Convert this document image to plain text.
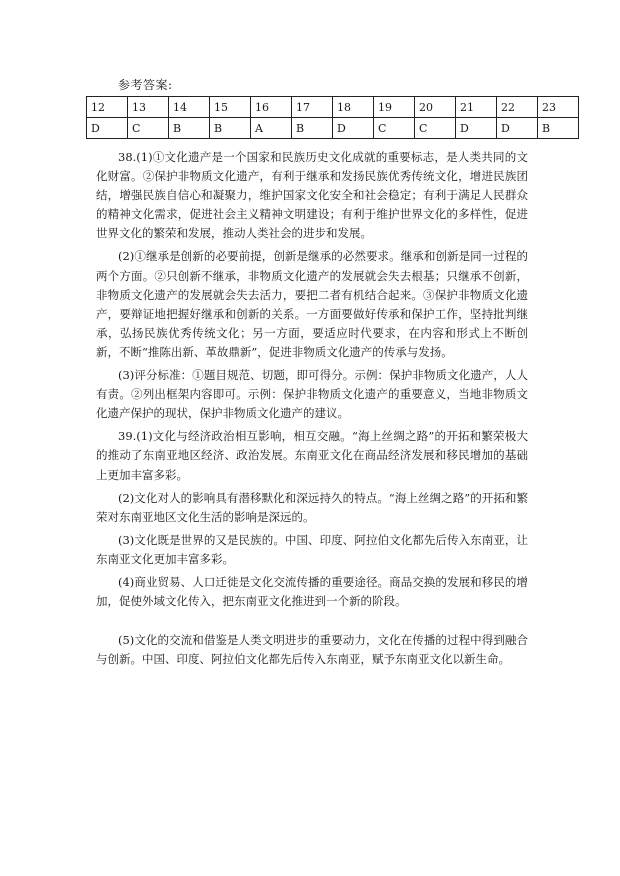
参考答案:
12	13	14	15	16	17	18	19	20	21	22	23
D	C	B	B	A	B	D	C	C	D	D	B

38.(1)①文化遗产是一个国家和民族历史文化成就的重要标志，是人类共同的文化财富。②保护非物质文化遗产，有利于继承和发扬民族优秀传统文化，增进民族团结，增强民族自信心和凝聚力，维护国家文化安全和社会稳定；有利于满足人民群众的精神文化需求，促进社会主义精神文明建设；有利于维护世界文化的多样性，促进世界文化的繁荣和发展，推动人类社会的进步和发展。

(2)①继承是创新的必要前提，创新是继承的必然要求。继承和创新是同一过程的两个方面。②只创新不继承，非物质文化遗产的发展就会失去根基；只继承不创新，非物质文化遗产的发展就会失去活力，要把二者有机结合起来。③保护非物质文化遗产，要辩证地把握好继承和创新的关系。一方面要做好传承和保护工作，坚持批判继承，弘扬民族优秀传统文化；另一方面，要适应时代要求，在内容和形式上不断创新，不断“推陈出新、革故鼎新”，促进非物质文化遗产的传承与发扬。

(3)评分标准：①题目规范、切题，即可得分。示例：保护非物质文化遗产，人人有责。②列出框架内容即可。示例：保护非物质文化遗产的重要意义，当地非物质文化遗产保护的现状，保护非物质文化遗产的建议。

39.(1)文化与经济政治相互影响，相互交融。“海上丝绸之路”的开拓和繁荣极大的推动了东南亚地区经济、政治发展。东南亚文化在商品经济发展和移民增加的基础上更加丰富多彩。

(2)文化对人的影响具有潜移默化和深远持久的特点。“海上丝绸之路”的开拓和繁荣对东南亚地区文化生活的影响是深远的。

(3)文化既是世界的又是民族的。中国、印度、阿拉伯文化都先后传入东南亚，让东南亚文化更加丰富多彩。

(4)商业贸易、人口迁徙是文化交流传播的重要途径。商品交换的发展和移民的增加，促使外域文化传入，把东南亚文化推进到一个新的阶段。

(5)文化的交流和借鉴是人类文明进步的重要动力，文化在传播的过程中得到融合与创新。中国、印度、阿拉伯文化都先后传入东南亚，赋予东南亚文化以新生命。
